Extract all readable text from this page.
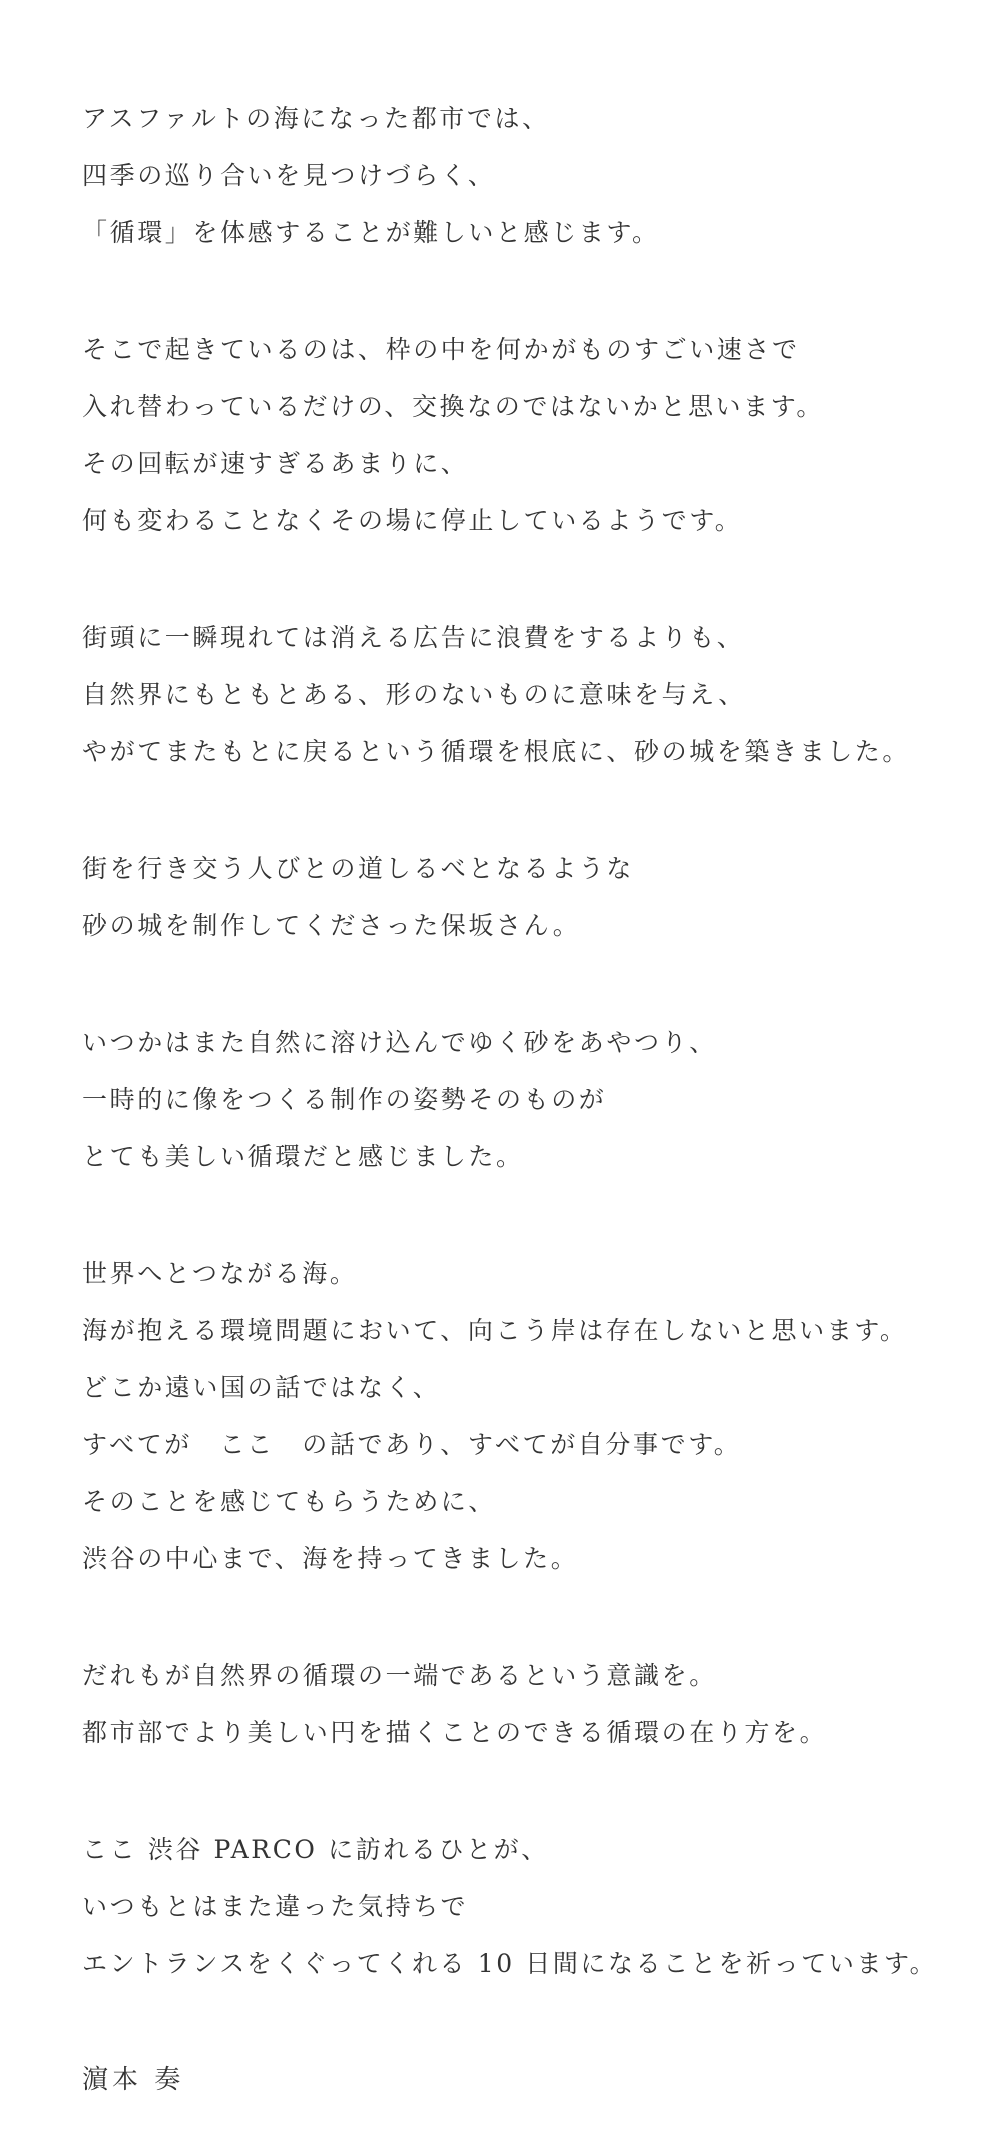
アスファルトの海になった都市では、
四季の巡り合いを見つけづらく、
「循環」を体感することが難しいと感じます。
そこで起きているのは、枠の中を何かがものすごい速さで
入れ替わっているだけの、交換なのではないかと思います。
その回転が速すぎるあまりに、
何も変わることなくその場に停止しているようです。
街頭に一瞬現れては消える広告に浪費をするよりも、
自然界にもともとある、形のないものに意味を与え、
やがてまたもとに戻るという循環を根底に、砂の城を築きました。
街を行き交う人びとの道しるべとなるような
砂の城を制作してくださった保坂さん。
いつかはまた自然に溶け込んでゆく砂をあやつり、
一時的に像をつくる制作の姿勢そのものが
とても美しい循環だと感じました。
世界へとつながる海。
海が抱える環境問題において、向こう岸は存在しないと思います。
どこか遠い国の話ではなく、
すべてが　ここ　の話であり、すべてが自分事です。
そのことを感じてもらうために、
渋谷の中心まで、海を持ってきました。
だれもが自然界の循環の一端であるという意識を。
都市部でより美しい円を描くことのできる循環の在り方を。
ここ 渋谷 PARCO に訪れるひとが、
いつもとはまた違った気持ちで
エントランスをくぐってくれる 10 日間になることを祈っています。
濵本 奏
